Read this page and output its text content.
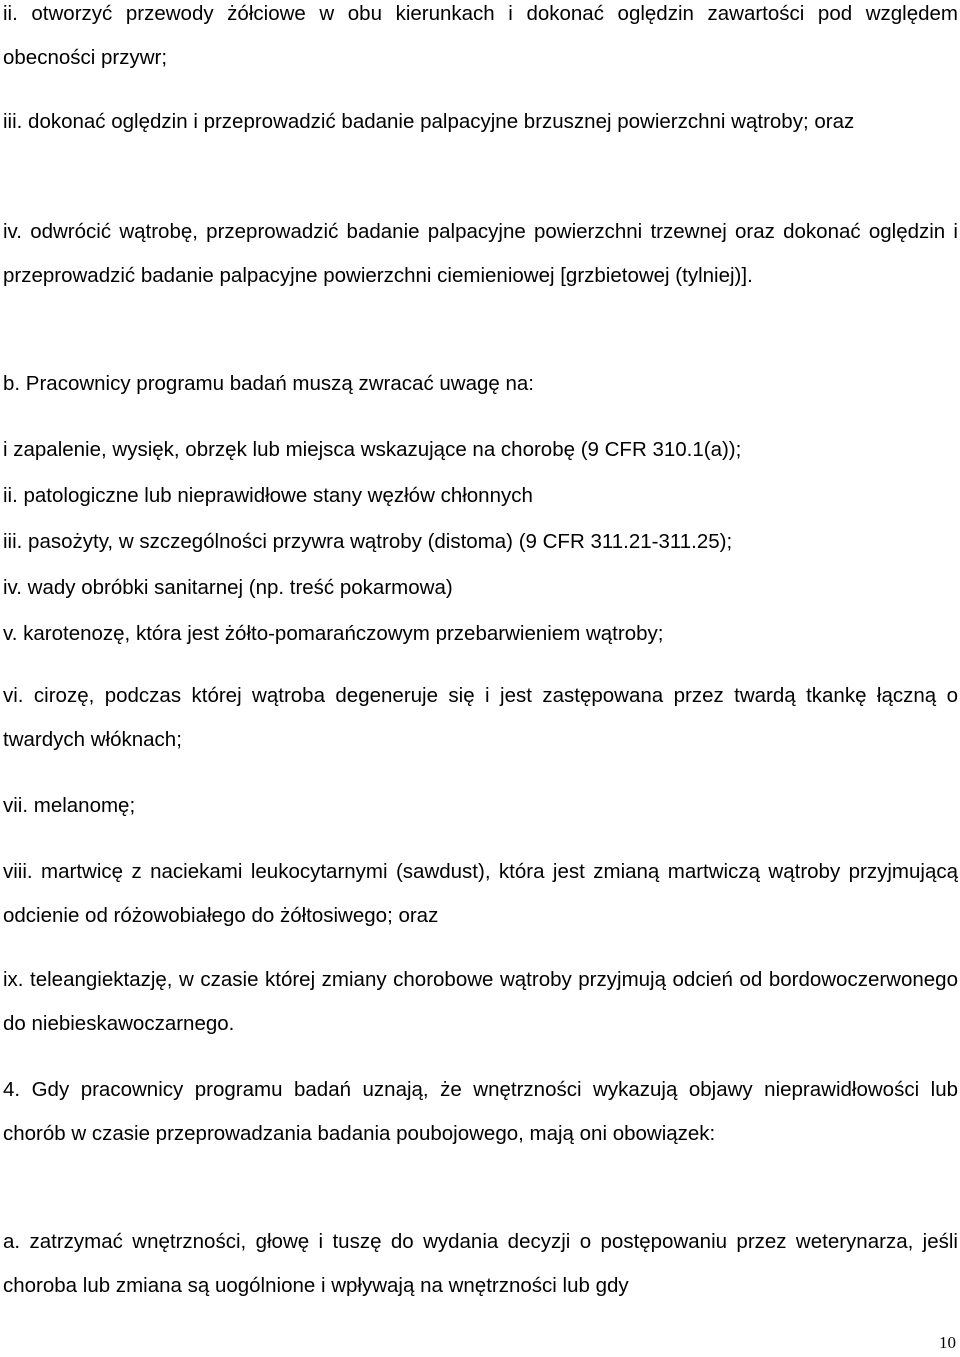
ii. otworzyć przewody żółciowe w obu kierunkach i dokonać oględzin zawartości pod względem obecności przywr;

iii. dokonać oględzin i przeprowadzić badanie palpacyjne brzusznej powierzchni wątroby; oraz

iv. odwrócić wątrobę, przeprowadzić badanie palpacyjne powierzchni trzewnej oraz dokonać oględzin i przeprowadzić badanie palpacyjne powierzchni ciemieniowej [grzbietowej (tylniej)].

b. Pracownicy programu badań muszą zwracać uwagę na:

i zapalenie, wysięk, obrzęk lub miejsca wskazujące na chorobę (9 CFR 310.1(a));

ii. patologiczne lub nieprawidłowe stany węzłów chłonnych

iii. pasożyty, w szczególności przywra wątroby (distoma) (9 CFR 311.21-311.25);

iv. wady obróbki sanitarnej (np. treść pokarmowa)

v. karotenozę, która jest żółto-pomarańczowym przebarwieniem wątroby;

vi. cirozę, podczas której wątroba degeneruje się i jest zastępowana przez twardą tkankę łączną o twardych włóknach;

vii. melanomę;

viii. martwicę z naciekami leukocytarnymi (sawdust), która jest zmianą martwiczą wątroby przyjmującą odcienie od różowobiałego do żółtosiwego; oraz

ix. teleangiektazję, w czasie której zmiany chorobowe wątroby przyjmują odcień od bordowoczerwonego do niebieskawoczarnego.

4. Gdy pracownicy programu badań uznają, że wnętrzności wykazują objawy nieprawidłowości lub chorób w czasie przeprowadzania badania poubojowego, mają oni obowiązek:

a. zatrzymać wnętrzności, głowę i tuszę do wydania decyzji o postępowaniu przez weterynarza, jeśli choroba lub zmiana są uogólnione i wpływają na wnętrzności lub gdy

10
